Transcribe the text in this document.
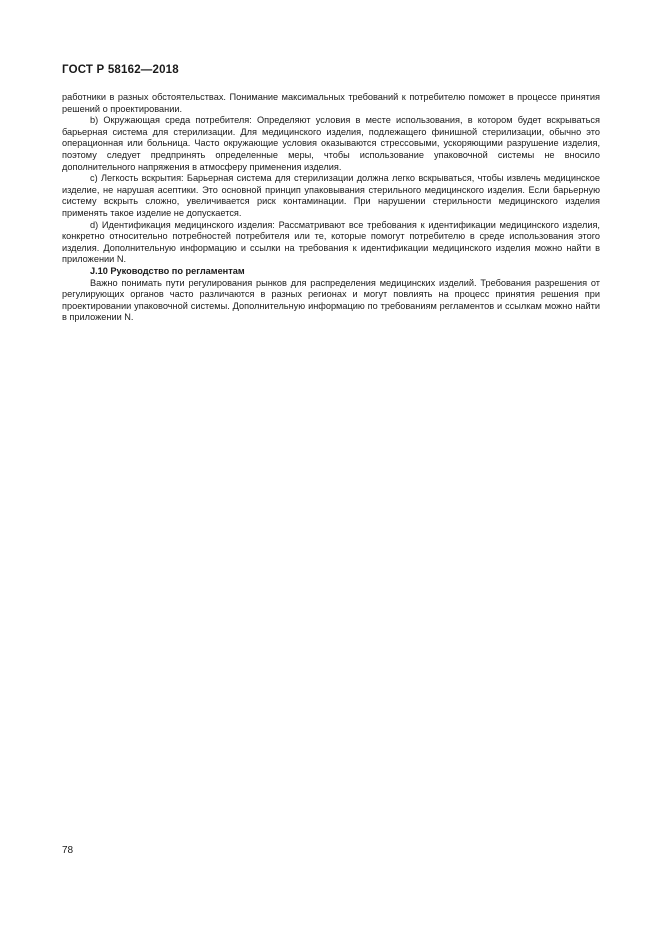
ГОСТ Р 58162—2018

работники в разных обстоятельствах. Понимание максимальных требований к потребителю поможет в процессе принятия решений о проектировании.

b) Окружающая среда потребителя: Определяют условия в месте использования, в котором будет вскрываться барьерная система для стерилизации. Для медицинского изделия, подлежащего финишной стерилизации, обычно это операционная или больница. Часто окружающие условия оказываются стрессовыми, ускоряющими разрушение изделия, поэтому следует предпринять определенные меры, чтобы использование упаковочной системы не вносило дополнительного напряжения в атмосферу применения изделия.

с) Легкость вскрытия: Барьерная система для стерилизации должна легко вскрываться, чтобы извлечь медицинское изделие, не нарушая асептики. Это основной принцип упаковывания стерильного медицинского изделия. Если барьерную систему вскрыть сложно, увеличивается риск контаминации. При нарушении стерильности медицинского изделия применять такое изделие не допускается.

d) Идентификация медицинского изделия: Рассматривают все требования к идентификации медицинского изделия, конкретно относительно потребностей потребителя или те, которые помогут потребителю в среде использования этого изделия. Дополнительную информацию и ссылки на требования к идентификации медицинского изделия можно найти в приложении N.

J.10 Руководство по регламентам

Важно понимать пути регулирования рынков для распределения медицинских изделий. Требования разрешения от регулирующих органов часто различаются в разных регионах и могут повлиять на процесс принятия решения при проектировании упаковочной системы. Дополнительную информацию по требованиям регламентов и ссылкам можно найти в приложении N.

78
